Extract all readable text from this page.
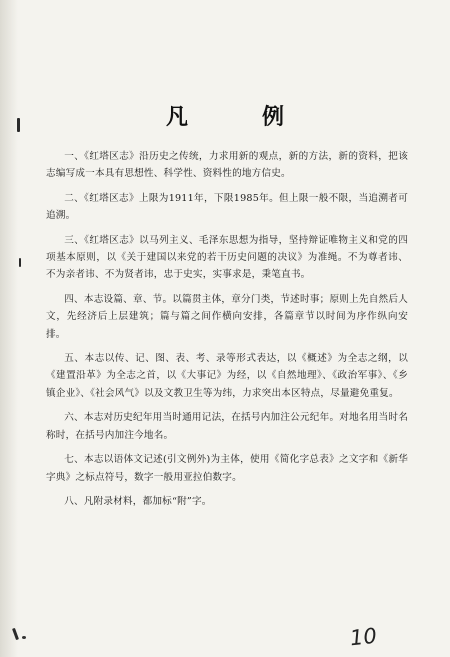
凡　例

一、《红塔区志》沿历史之传统，力求用新的观点，新的方法，新的资料，把该志编写成一本具有思想性、科学性、资料性的地方信史。

二、《红塔区志》上限为1911年，下限1985年。但上限一般不限，当追溯者可追溯。

三、《红塔区志》以马列主义、毛泽东思想为指导，坚持辩证唯物主义和党的四项基本原则，以《关于建国以来党的若干历史问题的决议》为准绳。不为尊者讳、不为亲者讳、不为贤者讳，忠于史实，实事求是，秉笔直书。

四、本志设篇、章、节。以篇贯主体，章分门类，节述时事；原则上先自然后人文，先经济后上层建筑；篇与篇之间作横向安排，各篇章节以时间为序作纵向安排。

五、本志以传、记、图、表、考、录等形式表达，以《概述》为全志之纲，以《建置沿革》为全志之首，以《大事记》为经，以《自然地理》、《政治军事》、《乡镇企业》、《社会风气》以及文教卫生等为纬，力求突出本区特点，尽量避免重复。

六、本志对历史纪年用当时通用记法，在括号内加注公元纪年。对地名用当时名称时，在括号内加注今地名。

七、本志以语体文记述(引文例外)为主体，使用《简化字总表》之文字和《新华字典》之标点符号，数字一般用亚拉伯数字。

八、凡附录材料，都加标“附”字。

10
